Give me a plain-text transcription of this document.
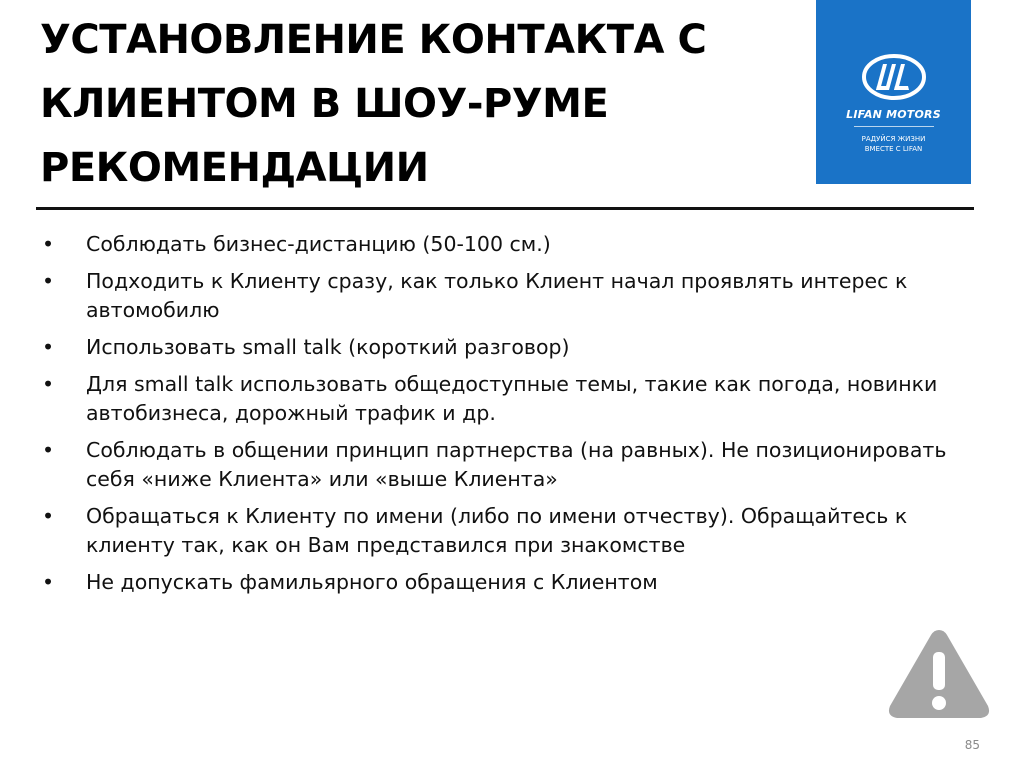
УСТАНОВЛЕНИЕ КОНТАКТА С
КЛИЕНТОМ В ШОУ-РУМЕ
РЕКОМЕНДАЦИИ
LIFAN MOTORS
РАДУЙСЯ ЖИЗНИ
ВМЕСТЕ С LIFAN
• Соблюдать бизнес-дистанцию (50-100 см.)
• Подходить к Клиенту сразу, как только Клиент начал проявлять интерес к автомобилю
• Использовать small talk (короткий разговор)
• Для small talk использовать общедоступные темы, такие как погода, новинки автобизнеса, дорожный трафик и др.
• Соблюдать в общении принцип партнерства (на равных). Не позиционировать себя «ниже Клиента» или «выше Клиента»
• Обращаться к Клиенту по имени (либо по имени отчеству). Обращайтесь к клиенту так, как он Вам представился при знакомстве
• Не допускать фамильярного обращения с Клиентом
85
